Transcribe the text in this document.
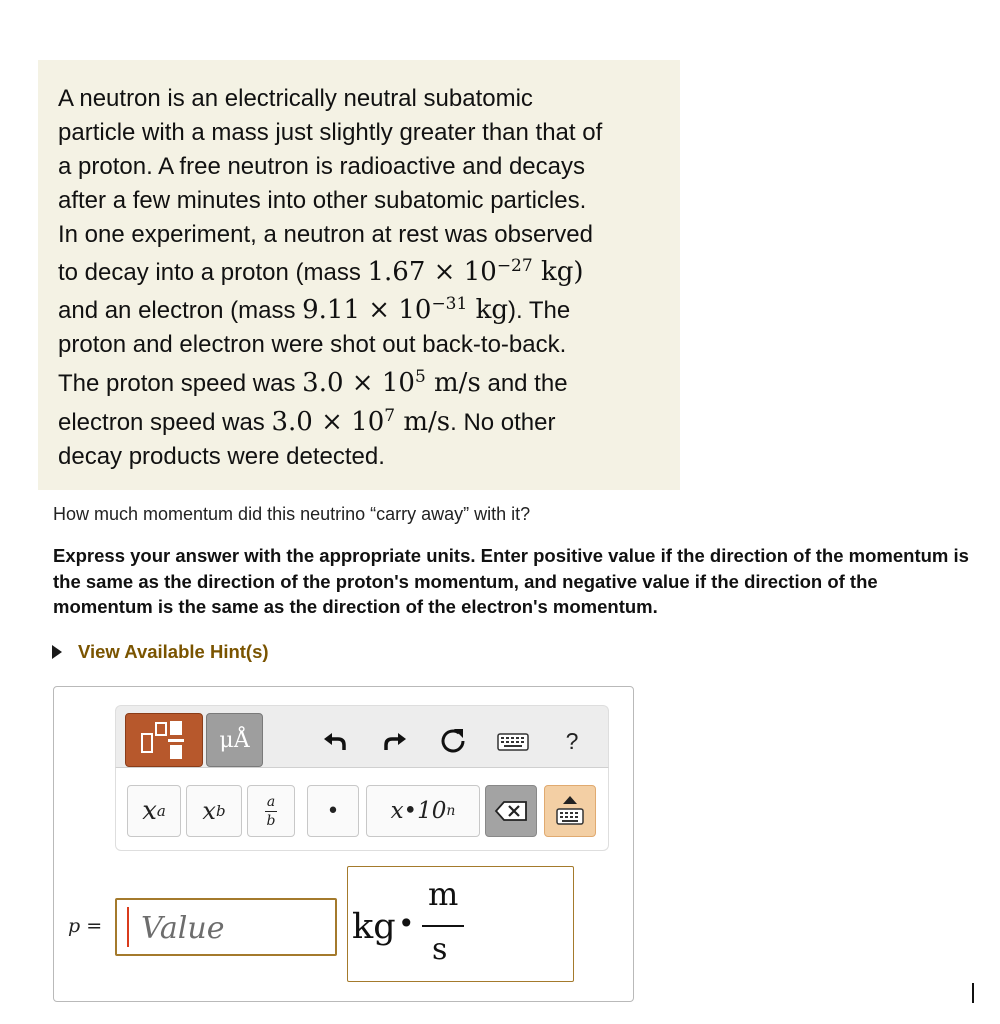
A neutron is an electrically neutral subatomic
particle with a mass just slightly greater than that of
a proton. A free neutron is radioactive and decays
after a few minutes into other subatomic particles.
In one experiment, a neutron at rest was observed
to decay into a proton (mass $1.67 \times 10^{-27}$ kg)
and an electron (mass $9.11 \times 10^{-31}$ kg). The
proton and electron were shot out back-to-back.
The proton speed was $3.0 \times 10^5$ m/s and the
electron speed was $3.0 \times 10^7$ m/s. No other
decay products were detected.
How much momentum did this neutrino “carry away” with it?
Express your answer with the appropriate units. Enter positive value if the direction of the momentum is the same as the direction of the proton's momentum, and negative value if the direction of the momentum is the same as the direction of the electron's momentum.
View Available Hint(s)
μÅ	?
x a x b
a
b • x•10 n
p =
Value	kg •
m
s
